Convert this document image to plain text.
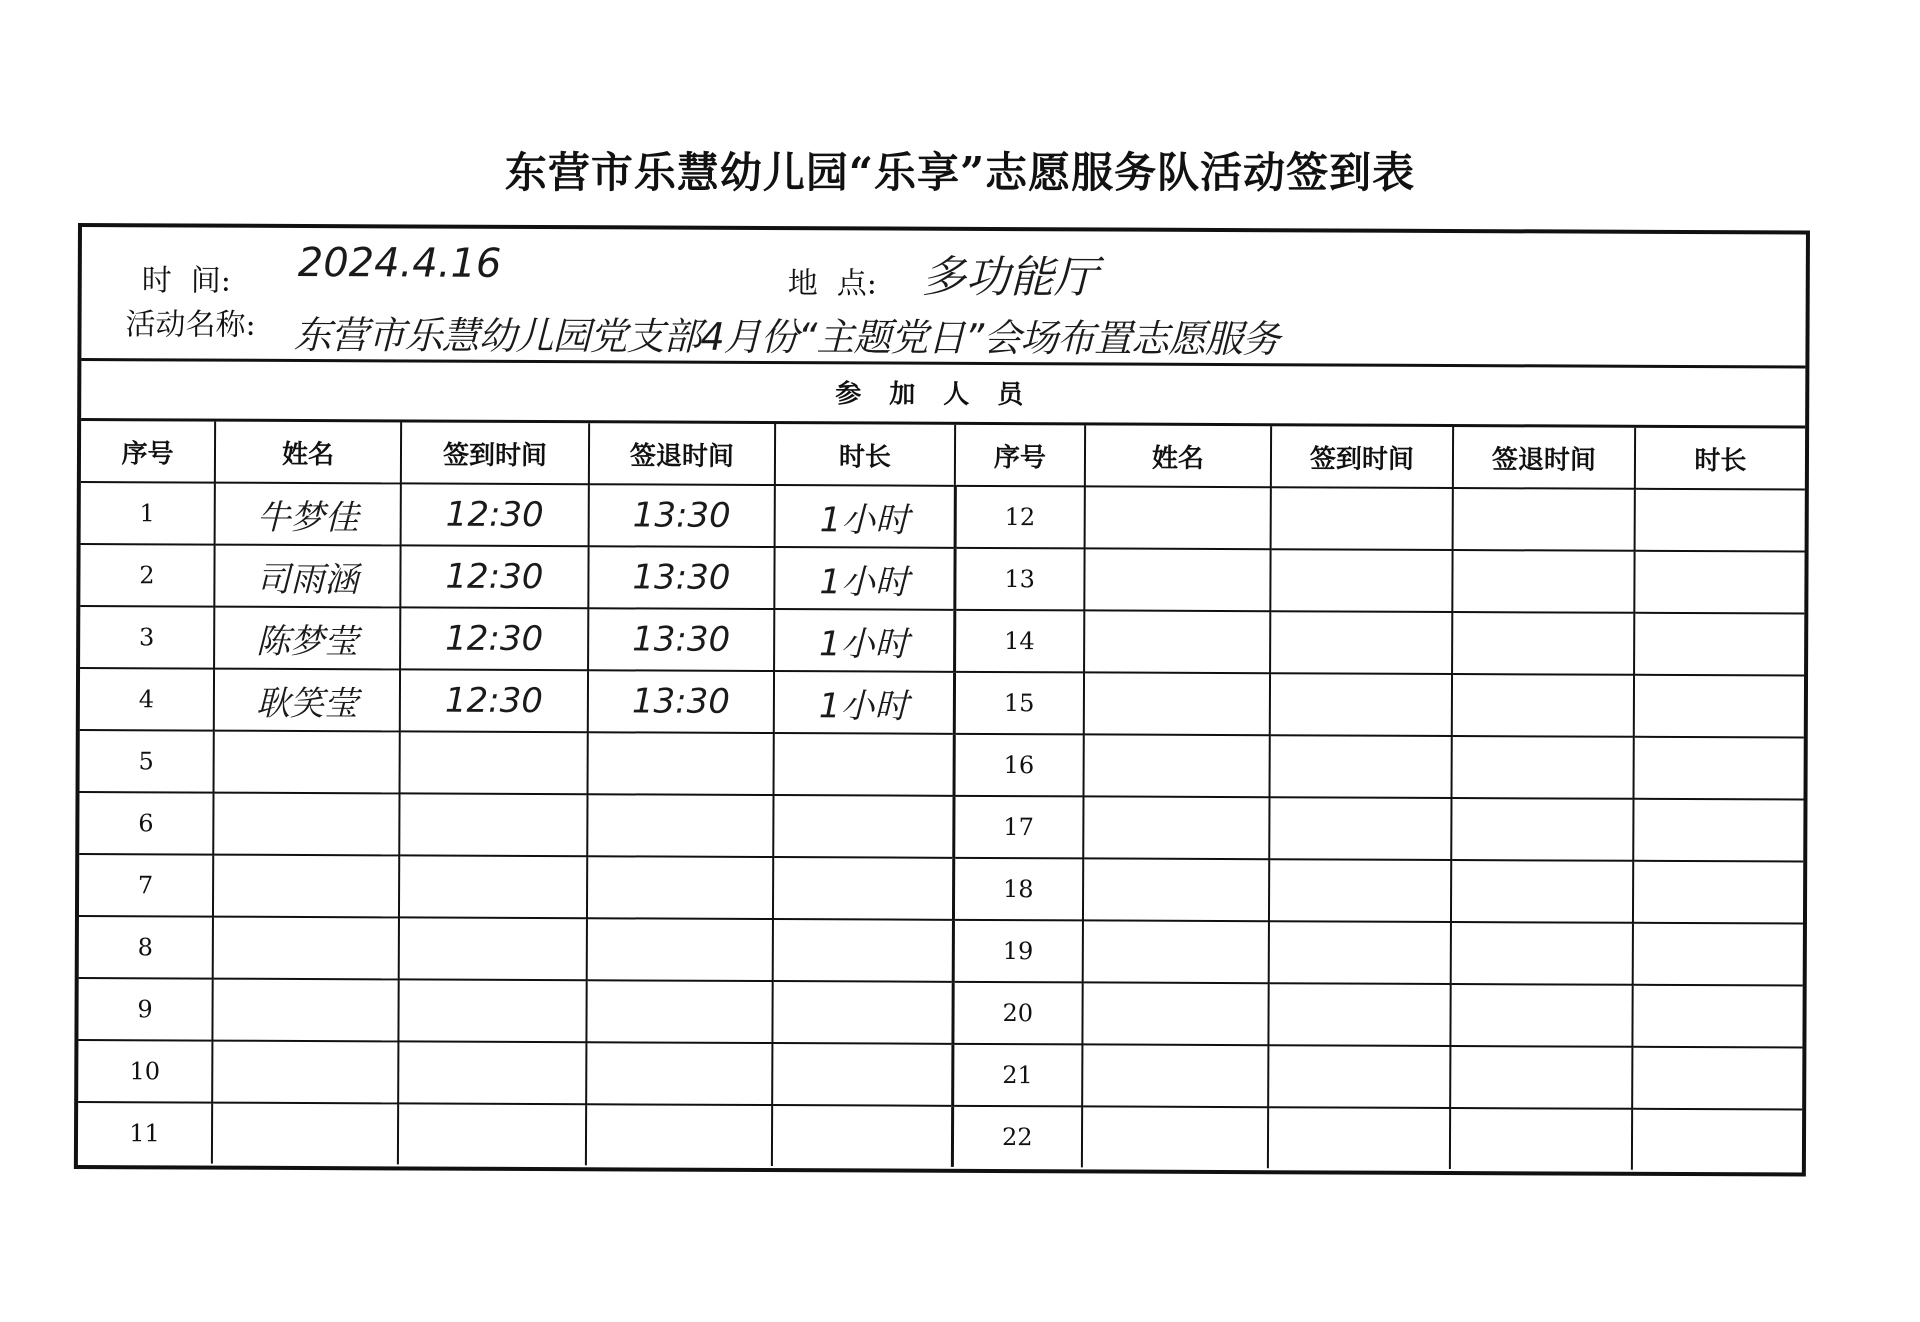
东营市乐慧幼儿园“乐享”志愿服务队活动签到表
时  间: 2024.4.16	地  点: 多功能厅
活动名称: 东营市乐慧幼儿园党支部4月份“主题党日”会场布置志愿服务
参加人员
序号	姓名	签到时间	签退时间	时长	序号	姓名	签到时间	签退时间	时长
1	牛梦佳	12:30	13:30	1小时	12				
2	司雨涵	12:30	13:30	1小时	13				
3	陈梦莹	12:30	13:30	1小时	14				
4	耿笑莹	12:30	13:30	1小时	15				
5					16				
6					17				
7					18				
8					19				
9					20				
10					21				
11					22				
